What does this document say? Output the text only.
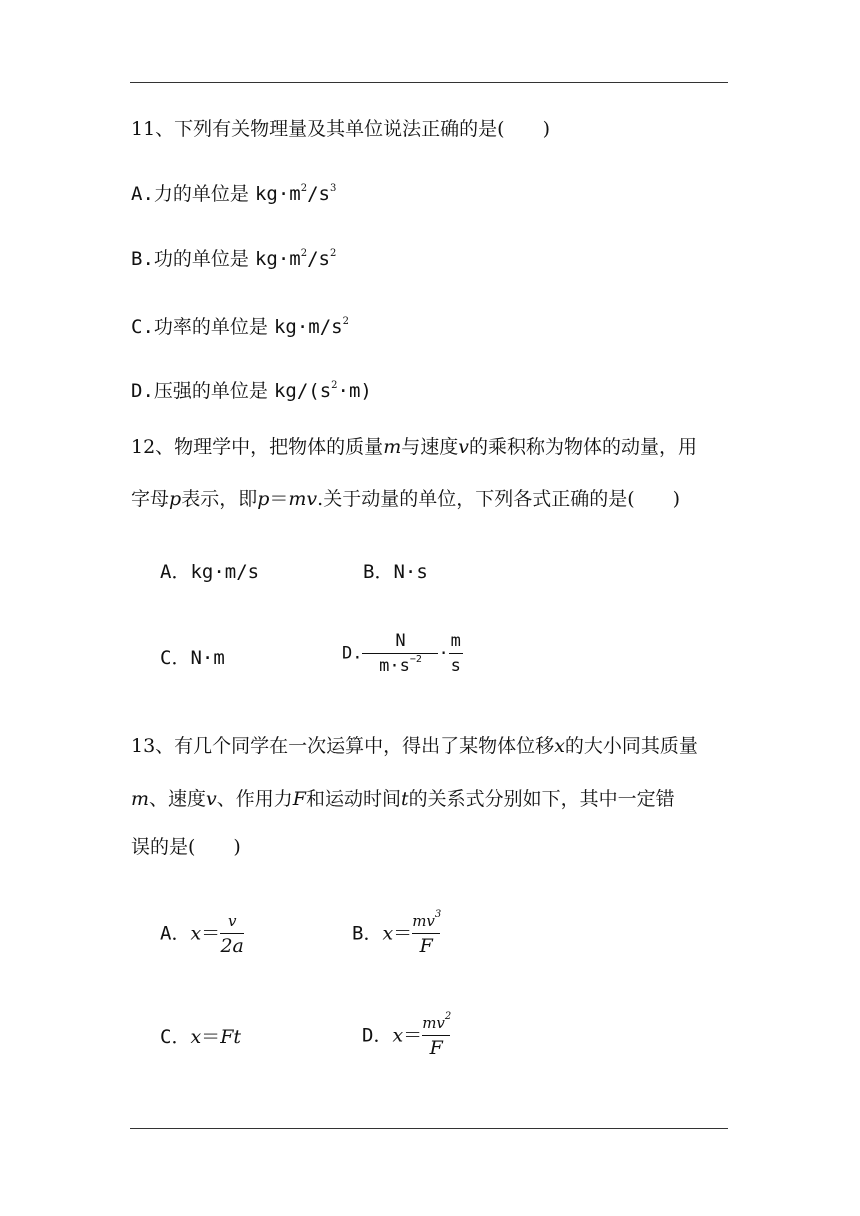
11、下列有关物理量及其单位说法正确的是(　　)
A.力的单位是 $kg\cdot m^2/s^3$
B.功的单位是 $kg\cdot m^2/s^2$
C.功率的单位是 $kg\cdot m/s^2$
D.压强的单位是 $kg/(s^2\cdot m)$
12、物理学中，把物体的质量m与速度v的乘积称为物体的动量，用
字母p表示，即p＝mv.关于动量的单位，下列各式正确的是(　　)
A．kg·m/s	B．N·s
C．N·m	D. $\frac{N}{m\cdot s^{-2}} \cdot \frac{m}{s}$
13、有几个同学在一次运算中，得出了某物体位移x的大小同其质量
m、速度v、作用力F和运动时间t的关系式分别如下，其中一定错
误的是(　　)
A．$x= \frac{v}{2a}$	B．$x= \frac{mv^3}{F}$
C．x＝Ft	D．$x= \frac{mv^2}{F}$
